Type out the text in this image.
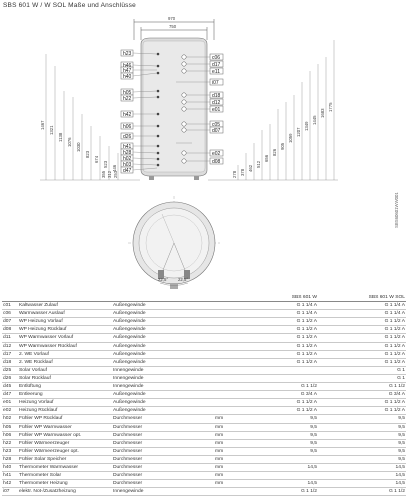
SBS 601 W / W SOL Maße und Anschlüsse
970
750
h23
h46
h47
h40
h05
h22
h42
h06
d26
h41
h28
h02
h03
d47
c06
d17
e11
i07
d18
d12
e01
c05
d07
e02
d08
1467
1321
1138
1076
1030
823
674
523
446
355 312 251	278 378
462
512
656
826
905
1059
1207
1349
1445
1683
1775
22,5° 22,5°
SBS60601WW001
				SBS 601 W	SBS 601 W SOL
c01	Kaltwasser Zulauf	Außengewinde		G 1 1/4 A	G 1 1/4 A
c06	Warmwasser Auslauf	Außengewinde		G 1 1/4 A	G 1 1/4 A
d07	WP Heizung Vorlauf	Außengewinde		G 1 1/2 A	G 1 1/2 A
d08	WP Heizung Rücklauf	Außengewinde		G 1 1/2 A	G 1 1/2 A
d11	WP Warmwasser Vorlauf	Außengewinde		G 1 1/2 A	G 1 1/2 A
d12	WP Warmwasser Rücklauf	Außengewinde		G 1 1/2 A	G 1 1/2 A
d17	2. WE Vorlauf	Außengewinde		G 1 1/2 A	G 1 1/2 A
d18	2. WE Rücklauf	Außengewinde		G 1 1/2 A	G 1 1/2 A
d25	Solar Vorlauf	Innengewinde			G 1
d26	Solar Rücklauf	Innengewinde			G 1
d45	Entlüftung	Innengewinde		G 1 1/2	G 1 1/2
d47	Entleerung	Außengewinde		G 3/4 A	G 3/4 A
e01	Heizung Vorlauf	Außengewinde		G 1 1/2 A	G 1 1/2 A
e02	Heizung Rücklauf	Außengewinde		G 1 1/2 A	G 1 1/2 A
h02	Fühler WP Rücklauf	Durchmesser	mm	9,5	9,5
h05	Fühler WP Warmwasser	Durchmesser	mm	9,5	9,5
h06	Fühler WP Warmwasser opt.	Durchmesser	mm	9,5	9,5
h22	Fühler Wärmeerzeuger	Durchmesser	mm	9,5	9,5
h23	Fühler Wärmeerzeuger opt.	Durchmesser	mm	9,5	9,5
h28	Fühler Solar Speicher	Durchmesser	mm		9,5
h40	Thermometer Warmwasser	Durchmesser	mm	14,5	14,5
h41	Thermometer Solar	Durchmesser	mm		14,5
h42	Thermometer Heizung	Durchmesser	mm	14,5	14,5
i07	elektr. Not-/Zusatzheizung	Innengewinde		G 1 1/2	G 1 1/2
